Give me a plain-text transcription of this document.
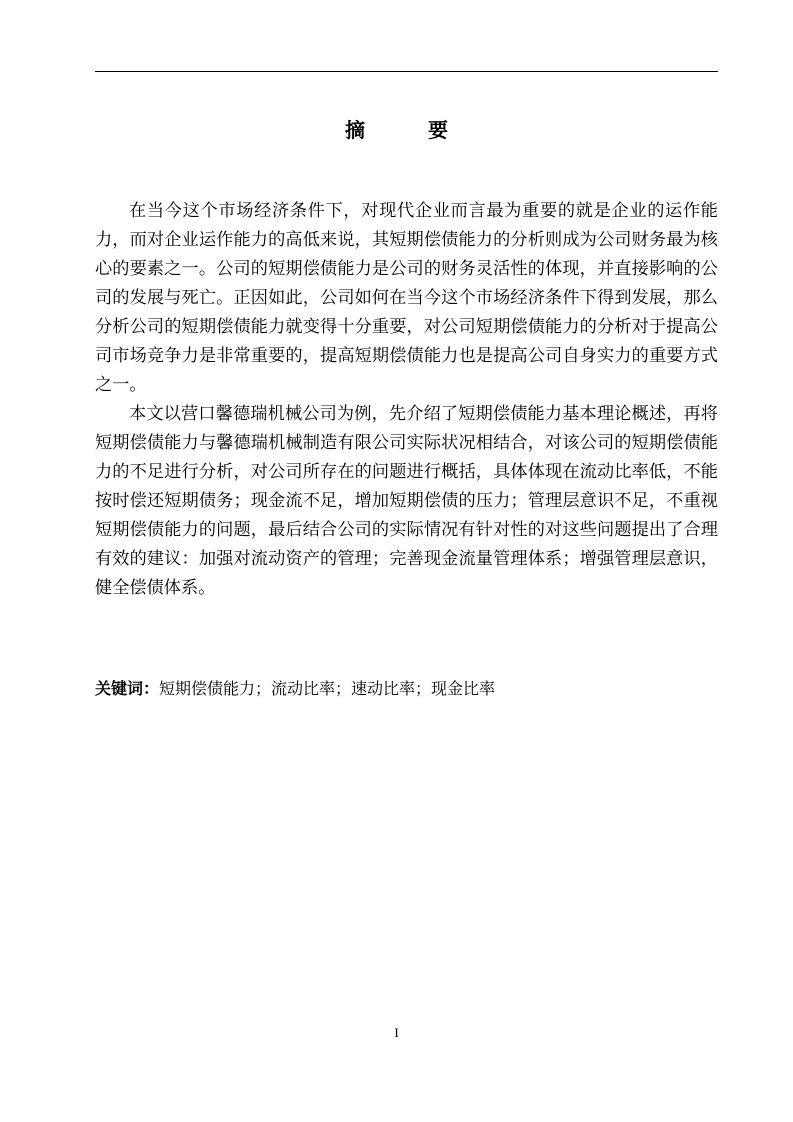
摘 要

在当今这个市场经济条件下，对现代企业而言最为重要的就是企业的运作能力，而对企业运作能力的高低来说，其短期偿债能力的分析则成为公司财务最为核心的要素之一。公司的短期偿债能力是公司的财务灵活性的体现，并直接影响的公司的发展与死亡。正因如此，公司如何在当今这个市场经济条件下得到发展，那么分析公司的短期偿债能力就变得十分重要，对公司短期偿债能力的分析对于提高公司市场竞争力是非常重要的，提高短期偿债能力也是提高公司自身实力的重要方式之一。

本文以营口馨德瑞机械公司为例，先介绍了短期偿债能力基本理论概述，再将短期偿债能力与馨德瑞机械制造有限公司实际状况相结合，对该公司的短期偿债能力的不足进行分析，对公司所存在的问题进行概括，具体体现在流动比率低，不能按时偿还短期债务；现金流不足，增加短期偿债的压力；管理层意识不足，不重视短期偿债能力的问题，最后结合公司的实际情况有针对性的对这些问题提出了合理有效的建议：加强对流动资产的管理；完善现金流量管理体系；增强管理层意识，健全偿债体系。

关键词：短期偿债能力；流动比率；速动比率；现金比率
I
